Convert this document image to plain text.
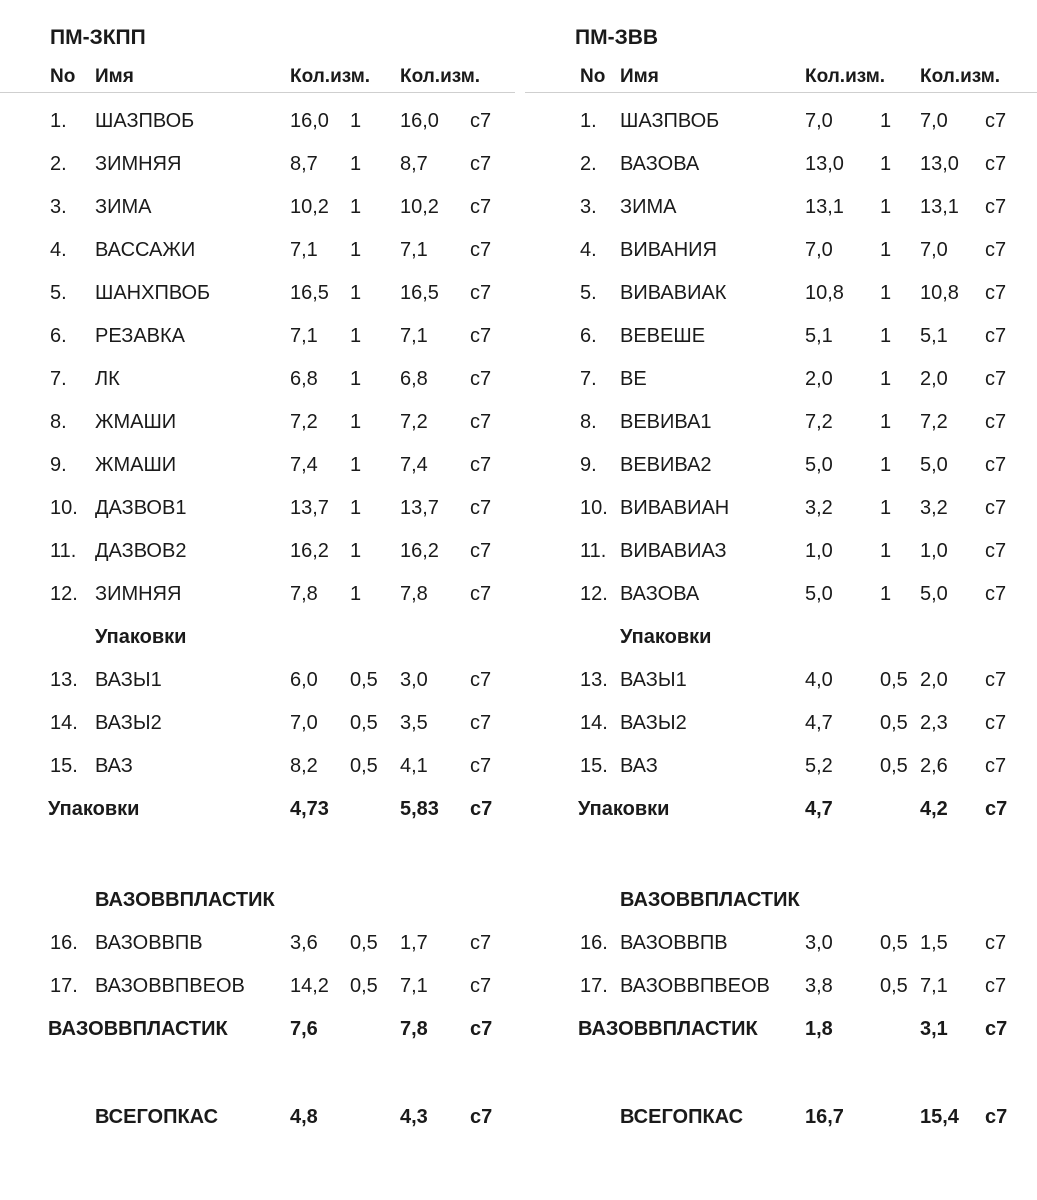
ПМ-ЗКПП
Nо Имя	Кол.изм. Кол.изм.
1. ШАЗПВОБ	16,0 1 16,0 с7
2. ЗИМНЯЯ	8,7 1 8,7 с7
3. ЗИМА	10,2 1 10,2 с7
4. ВАССАЖИ	7,1 1 7,1 с7
5. ШАНХПВОБ	16,5 1 16,5 с7
6. РЕЗАВКА	7,1 1 7,1 с7
7. ЛК	6,8 1 6,8 с7
8. ЖМАШИ	7,2 1 7,2 с7
9. ЖМАШИ	7,4 1 7,4 с7
10. ДАЗВОВ1	13,7 1 13,7 с7
11. ДАЗВОВ2	16,2 1 16,2 с7
12. ЗИМНЯЯ	7,8 1 7,8 с7
Упаковки
13. ВАЗЫ1	6,0 0,5 3,0 с7
14. ВАЗЫ2	7,0 0,5 3,5 с7
15. ВАЗ	8,2 0,5 4,1 с7
Упаковки	4,73	5,83 с7
ВАЗОВВПЛАСТИК
16. ВАЗОВВПВ	3,6 0,5 1,7 с7
17. ВАЗОВВПВЕОВ 14,2 0,5 7,1 с7
ВАЗОВВПЛАСТИК	7,6	7,8 с7
ВСЕГОПКАС	4,8	4,3 с7
ПМ-ЗВВ
Nо Имя	Кол.изм. Кол.изм.
1. ШАЗПВОБ	7,0 1 7,0 с7
2. ВАЗОВА	13,0 1 13,0 с7
3. ЗИМА	13,1 1 13,1 с7
4. ВИВАНИЯ	7,0 1 7,0 с7
5. ВИВАВИАК	10,8 1 10,8 с7
6. ВЕВЕШЕ	5,1 1 5,1 с7
7. ВЕ	2,0 1 2,0 с7
8. ВЕВИВА1	7,2 1 7,2 с7
9. ВЕВИВА2	5,0 1 5,0 с7
10. ВИВАВИАН	3,2 1 3,2 с7
11. ВИВАВИАЗ	1,0 1 1,0 с7
12. ВАЗОВА	5,0 1 5,0 с7
Упаковки
13. ВАЗЫ1	4,0 0,5 2,0 с7
14. ВАЗЫ2	4,7 0,5 2,3 с7
15. ВАЗ	5,2 0,5 2,6 с7
Упаковки	4,7	4,2 с7
ВАЗОВВПЛАСТИК
16. ВАЗОВВПВ	3,0 0,5 1,5 с7
17. ВАЗОВВПВЕОВ 3,8 0,5 7,1 с7
ВАЗОВВПЛАСТИК 1,8	3,1 с7
ВСЕГОПКАС	16,7	15,4 с7
